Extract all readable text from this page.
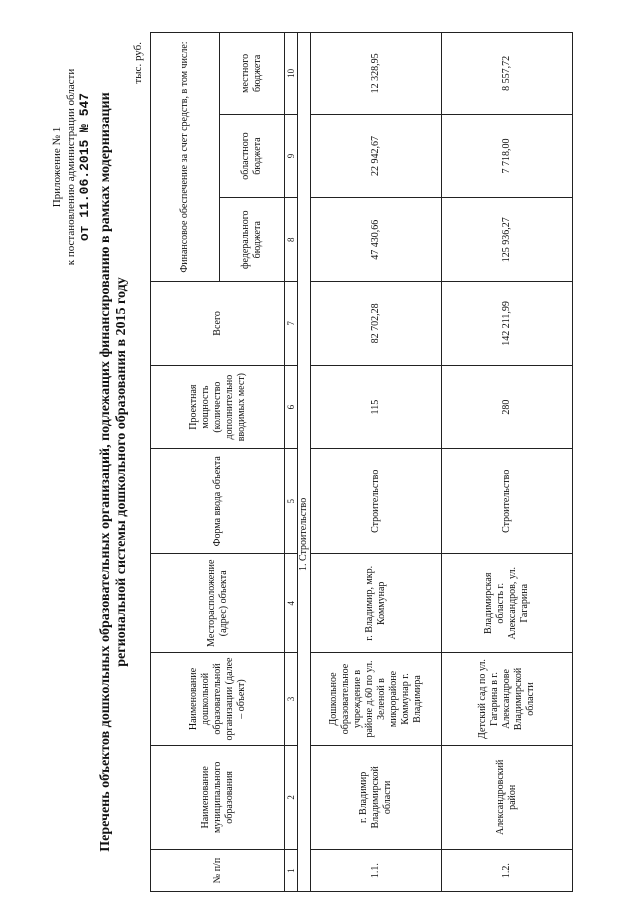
Приложение № 1 к постановлению администрации области от 11.06.2015 № 547 Перечень объектов дошкольных образовательных организаций, подлежащих финансированию в рамках модернизации региональной системы дошкольного образования в 2015 году
тыс. руб.
№ п/п	Наименование муниципального образования	Наименование дошкольной образовательной организации (далее – объект)	Месторасположение (адрес) объекта	Форма ввода объекта	Проектная мощность (количество дополнительно вводимых мест)	Всего	Финансовое обеспечение за счет средств, в том числе:		
							федерального бюджета	областного бюджета	местного бюджета
1	2	3	4	5	6	7	8	9	10
1. Строительство									
1.1.	г. Владимир Владимирской области	Дошкольное образовательное учреждение в районе д.60 по ул. Зеленой в микрорайоне Коммунар г. Владимира	г. Владимир, мкр. Коммунар	Строительство	115	82 702,28	47 430,66	22 942,67	12 328,95
1.2.	Александровский район	Детский сад по ул. Гагарина в г. Александрове Владимирской области	Владимирская область г. Александров, ул. Гагарина	Строительство	280	142 211,99	125 936,27	7 718,00	8 557,72
